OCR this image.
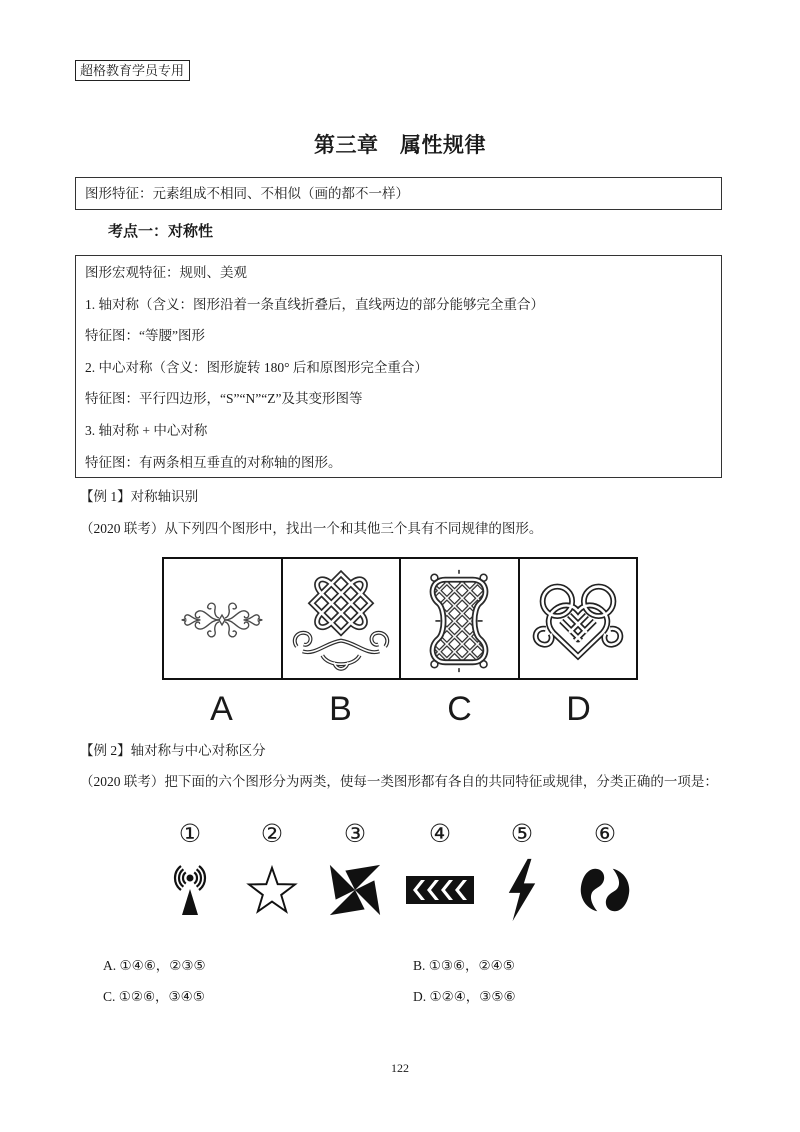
超格教育学员专用
第三章　属性规律
图形特征：元素组成不相同、不相似（画的都不一样）
考点一：对称性
图形宏观特征：规则、美观
1. 轴对称（含义：图形沿着一条直线折叠后，直线两边的部分能够完全重合）
特征图：“等腰”图形
2. 中心对称（含义：图形旋转 180° 后和原图形完全重合）
特征图：平行四边形，“S”“N”“Z”及其变形图等
3. 轴对称 + 中心对称
特征图：有两条相互垂直的对称轴的图形。
【例 1】对称轴识别
（2020 联考）从下列四个图形中，找出一个和其他三个具有不同规律的图形。
A	B	C	D
【例 2】轴对称与中心对称区分
（2020 联考）把下面的六个图形分为两类，使每一类图形都有各自的共同特征或规律，分类正确的一项是：
① ② ③	④ ⑤ ⑥
A. ①④⑥，②③⑤	B. ①③⑥，②④⑤
C. ①②⑥，③④⑤	D. ①②④，③⑤⑥
122
